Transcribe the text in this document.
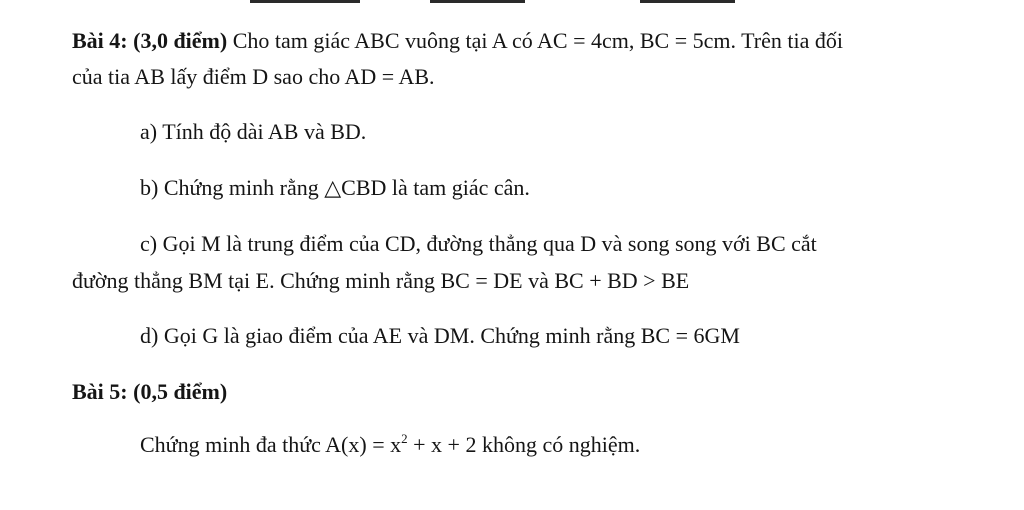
Bài 4: (3,0 điểm) Cho tam giác ABC vuông tại A có AC = 4cm, BC = 5cm. Trên tia đối
của tia AB lấy điểm D sao cho AD = AB.
a) Tính độ dài AB và BD.
b) Chứng minh rằng △CBD là tam giác cân.
c) Gọi M là trung điểm của CD, đường thẳng qua D và song song với BC cắt
đường thẳng BM tại E. Chứng minh rằng BC = DE và BC + BD > BE
d) Gọi G là giao điểm của AE và DM. Chứng minh rằng BC = 6GM
Bài 5: (0,5 điểm)
Chứng minh đa thức $A(x) = x^2 + x + 2$ không có nghiệm.
